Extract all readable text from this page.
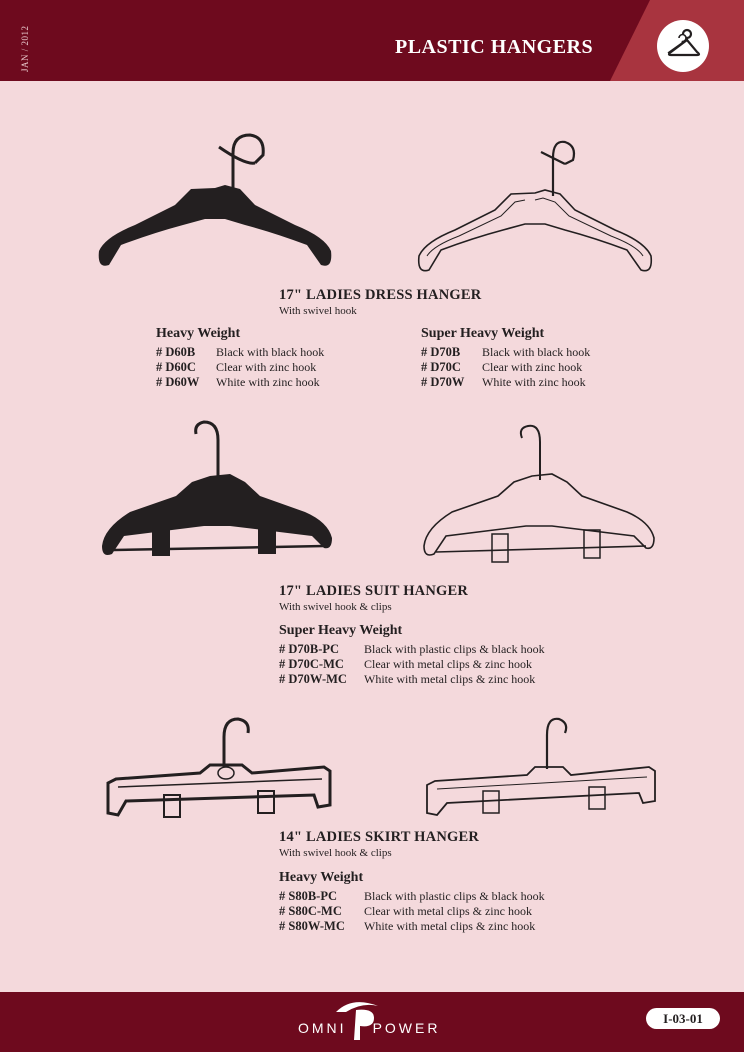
JAN / 2012	PLASTIC HANGERS
17" LADIES DRESS HANGER
With swivel hook
Heavy Weight
# D60B Black with black hook
# D60C Clear with zinc hook
# D60W White with zinc hook
Super Heavy Weight
# D70B Black with black hook
# D70C Clear with zinc hook
# D70W White with zinc hook
17" LADIES SUIT HANGER
With swivel hook & clips
Super Heavy Weight
# D70B-PC Black with plastic clips & black hook
# D70C-MC Clear with metal clips & zinc hook
# D70W-MC White with metal clips & zinc hook
14" LADIES SKIRT HANGER
With swivel hook & clips
Heavy Weight
# S80B-PC Black with plastic clips & black hook
# S80C-MC Clear with metal clips & zinc hook
# S80W-MC White with metal clips & zinc hook
OMNI POWER
I-03-01
